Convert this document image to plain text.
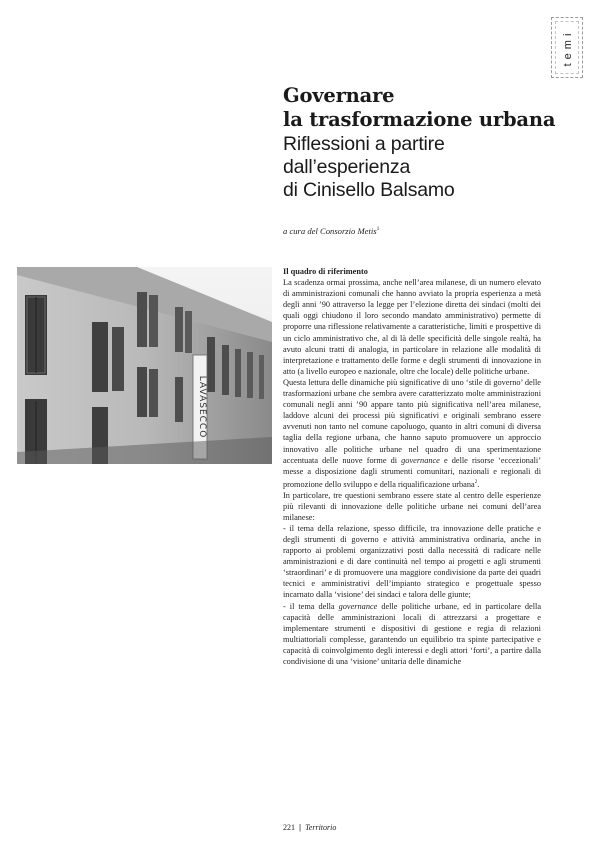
temi
Governare
la trasformazione urbana
Riflessioni a partire
dall’esperienza
di Cinisello Balsamo
a cura del Consorzio Metis$^1$
LAVASECCO

Il quadro di riferimento

La scadenza ormai prossima, anche nell’area milanese, di un numero elevato di amministrazioni comunali che hanno avviato la propria esperienza a metà degli anni ’90 attraverso la legge per l’elezione diretta dei sindaci (molti dei quali oggi chiudono il loro secondo mandato amministrativo) permette di proporre una riflessione relativamente a caratteristiche, limiti e prospettive di un ciclo amministrativo che, al di là delle specificità delle singole realtà, ha avuto alcuni tratti di analogia, in particolare in relazione alle modalità di interpretazione e trattamento delle forme e degli strumenti di innovazione in atto (a livello europeo e nazionale, oltre che locale) delle politiche urbane.

Questa lettura delle dinamiche più significative di uno ‘stile di governo’ delle trasformazioni urbane che sembra avere caratterizzato molte amministrazioni comunali negli anni ’90 appare tanto più significativa nell’area milanese, laddove alcuni dei processi più significativi e originali sembrano essere avvenuti non tanto nel comune capoluogo, quanto in altri comuni di diversa taglia della regione urbana, che hanno saputo promuovere un approccio innovativo alle politiche urbane nel quadro di una sperimentazione accentuata delle nuove forme di governance e delle risorse ‘eccezionali’ messe a disposizione dagli strumenti comunitari, nazionali e regionali di promozione dello sviluppo e della riqualificazione urbana$^2$.

In particolare, tre questioni sembrano essere state al centro delle esperienze più rilevanti di innovazione delle politiche urbane nei comuni dell’area milanese:

- il tema della relazione, spesso difficile, tra innovazione delle pratiche e degli strumenti di governo e attività amministrativa ordinaria, anche in rapporto ai problemi organizzativi posti dalla necessità di radicare nelle amministrazioni e di dare continuità nel tempo ai progetti e agli strumenti ‘straordinari’ e di promuovere una maggiore condivisione da parte dei quadri tecnici e amministrativi dell’impianto strategico e progettuale spesso incarnato dalla ‘visione’ dei sindaci e talora delle giunte;

- il tema della governance delle politiche urbane, ed in particolare della capacità delle amministrazioni locali di attrezzarsi a progettare e implementare strumenti e dispositivi di gestione e regia di relazioni multiattoriali complesse, garantendo un equilibrio tra spinte partecipative e capacità di coinvolgimento degli interessi e degli attori ‘forti’, a partire dalla condivisione di una ‘visione’ unitaria delle dinamiche

221 | Territorio
